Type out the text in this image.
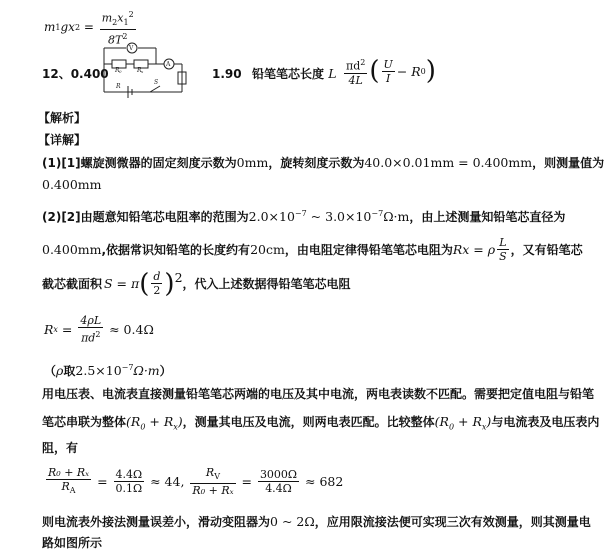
m 1 gx $2 = \frac{m_2x_1^2}{8T^2}$
12、0.400
V
A
R 0	R x
R
S
1.90 铅笔笔芯长度 L $\frac{\pi d^2}{4L}$ ( $\frac{U}{I} - R$ 0 )
【解析】
【详解】
(1)[1]螺旋测微器的固定刻度示数为0mm，旋转刻度示数为40.0×0.01mm = 0.400mm，则测量值为
0.400mm
(2)[2]由题意知铅笔芯电阻率的范围为$2.0\times 10^{-7}$ ~ $3.0\times 10^{-7}\Omega\cdot m$，由上述测量知铅笔芯直径为
0.400mm ,依据常识知铅笔的长度约有 20cm ，由电阻定律得铅笔笔芯电阻为 R x = ρ $\frac{L}{S}$ ，又有铅笔芯
截芯截面积 S = π ( $\frac{d}{2}$ ) 2 ，代入上述数据得铅笔笔芯电阻
R $x = \frac{4\rho L}{\pi d^2} \approx 0.4\Omega$
（ρ取$2.5\times 10^{-7}\Omega\cdot m$）
用电压表、电流表直接测量铅笔笔芯两端的电压及其中电流，两电表读数不匹配。需要把定值电阻与铅笔
笔芯串联为整体$(R_0 + R_x)$，测量其电压及电流，则两电表匹配。比较整体$(R_0 + R_x)$与电流表及电压表内
阻，有
$\frac{\text{R₀ + Rₓ}}{R_A} = \frac{4.4\Omega}{0.1\Omega} \approx 44$, $\frac{R_V}{\text{R₀ + Rₓ}} = \frac{3000\Omega}{4.4\Omega} \approx 682$
则电流表外接法测量误差小，滑动变阻器为0 ~ 2Ω，应用限流接法便可实现三次有效测量，则其测量电
路如图所示
